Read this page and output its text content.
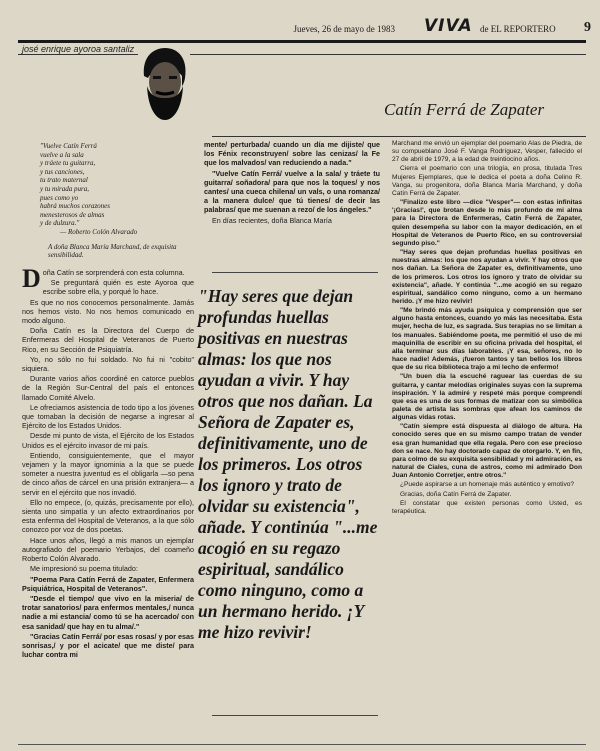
Jueves, 26 de mayo de 1983 VIVA de EL REPORTERO 9
josé enrique ayoroa santaliz
Catín Ferrá de Zapater
"Vuelve Catín Ferrá
vuelve a la sala
y tráete tu guitarra,
y tus canciones,
tu trato maternal
y tu mirada pura,
pues como yo
habrá muchos corazones
menesterosos de almas
y de dulzura."
— Roberto Colón Alvarado
A doña Blanca María Marchand, de exquisita sensibilidad.

Doña Catín se sorprenderá con esta columna.

Se preguntará quién es este Ayoroa que escribe sobre ella, y porqué lo hace.

Es que no nos conocemos personalmente. Jamás nos hemos visto. No nos hemos comunicado en modo alguno.

Doña Catín es la Directora del Cuerpo de Enfermeras del Hospital de Veteranos de Puerto Rico, en su Sección de Psiquiatría.

Yo, no sólo no fui soldado. No fui ni "cobito" siquiera.

Durante varios años coordiné en catorce pueblos de la Región Sur-Central del país el entonces llamado Comité Alvelo.

Le ofreciamos asistencia de todo tipo a los jóvenes que tomaban la decisión de negarse a ingresar al Ejército de los Estados Unidos.

Desde mi punto de vista, el Ejército de los Estados Unidos es el ejército invasor de mi país.

Entiendo, consiguientemente, que el mayor vejamen y la mayor ignominia a la que se puede someter a nuestra juventud es el obligarla —so pena de cinco años de cárcel en una prisión extranjera— a servir en el ejército que nos invadió.

Ello no empece, (o, quizás, precisamente por ello), sienta uno simpatía y un afecto extraordinarios por esta enferma del Hospital de Veteranos, a la que sólo conozco por voz de dos poetas.

Hace unos años, llegó a mis manos un ejemplar autografiado del poemario Yerbajos, del coameño Roberto Colón Alvarado.

Me impresionó su poema titulado:

"Poema Para Catín Ferrá de Zapater, Enfermera Psiquiátrica, Hospital de Veteranos".

"Desde el tiempo/ que vivo en la miseria/ de trotar sanatorios/ para enfermos mentales,/ nunca nadie a mi estancia/ como tú se ha acercado/ con esa sanidad/ que hay en tu alma/."

"Gracias Catín Ferrá/ por esas rosas/ y por esas sonrisas,/ y por el acicate/ que me diste/ para luchar contra mi

mente/ perturbada/ cuando un día me dijiste/ que los Fénix reconstruyen/ sobre las cenizas/ la Fe que los malvados/ van reduciendo a nada."

"Vuelve Catín Ferrá/ vuelve a la sala/ y tráete tu guitarra/ soñadora/ para que nos la toques/ y nos cantes/ una cueca chilena/ un vals, o una romanza/ a la manera dulce/ que tú tienes/ de decir las palabras/ que me suenan a rezo/ de los ángeles."

En días recientes, doña Blanca María

"Hay seres que dejan profundas huellas positivas en nuestras almas: los que nos ayudan a vivir. Y hay otros que nos dañan. La Señora de Zapater es, definitivamente, uno de los primeros. Los otros los ignoro y trato de olvidar su existencia", añade. Y continúa "...me acogió en su regazo espiritual, sandálico como ninguno, como a un hermano herido. ¡Y me hizo revivir!

Marchand me envió un ejemplar del poemario Alas de Piedra, de su compueblano José F. Vanga Rodríguez, Vesper, fallecido el 27 de abril de 1979, a la edad de treintiocino años.

Cierra el poemario con una trilogía, en prosa, titulada Tres Mujeres Ejemplares, que le dedica el poeta a doña Celino R. Vanga, su progenitora, doña Blanca María Marchand, y doña Catín Ferrá de Zapater.

"Finalizo este libro —dice "Vesper"— con estas infinitas '¡Gracias!', que brotan desde lo más profundo de mi alma para la Directora de Enfermeras, Catín Ferrá de Zapater, quien desempeña su labor con la mayor dedicación, en el Hospital de Veteranos de Puerto Rico, en su controversial segundo piso."

"Hay seres que dejan profundas huellas positivas en nuestras almas: los que nos ayudan a vivir. Y hay otros que nos dañan. La Señora de Zapater es, definitivamente, uno de los primeros. Los otros los ignoro y trato de olvidar su existencia", añade. Y continúa "...me acogió en su regazo espiritual, sandálico como ninguno, como a un hermano herido. ¡Y me hizo revivir!

"Me brindó más ayuda psíquica y comprensión que ser alguno hasta entonces, cuando yo más las necesitaba. Esta mujer, hecha de luz, es sagrada. Sus terapias no se limitan a los manuales. Sabiéndome poeta, me permitió el uso de mi maquinilla de escribir en su oficina privada del hospital, el alla terminar sus días laborables. ¡Y esa, señores, no lo hace nadie! Además, ¡fueron tantos y tan bellos los libros que de su rica biblioteca trajo a mi lecho de enfermo!

"Un buen día la escuché raguear las cuerdas de su guitarra, y cantar melodías originales suyas con la suprema inspiración. Y la admiré y respeté más porque comprendí que esa es una de sus formas de matizar con su simbólica paleta de artista las sombras que afean los caminos de algunas vidas rotas.

"Catín siempre está dispuesta al diálogo de altura. Ha conocido seres que en su mismo campo tratan de vender esa gran humanidad que ella regala. Pero con ese precioso don se nace. No hay doctorado capaz de otorgarlo. Y, en fin, para colmo de su exquisita sensibilidad y mi admiración, es natural de Ciales, cuna de astros, como mi admirado Don Juan Antonio Corretjer, entre otros."

¿Puede aspirarse a un homenaje más auténtico y emotivo?

Gracias, doña Catín Ferrá de Zapater.

El constatar que existen personas como Usted, es terapéutica.
